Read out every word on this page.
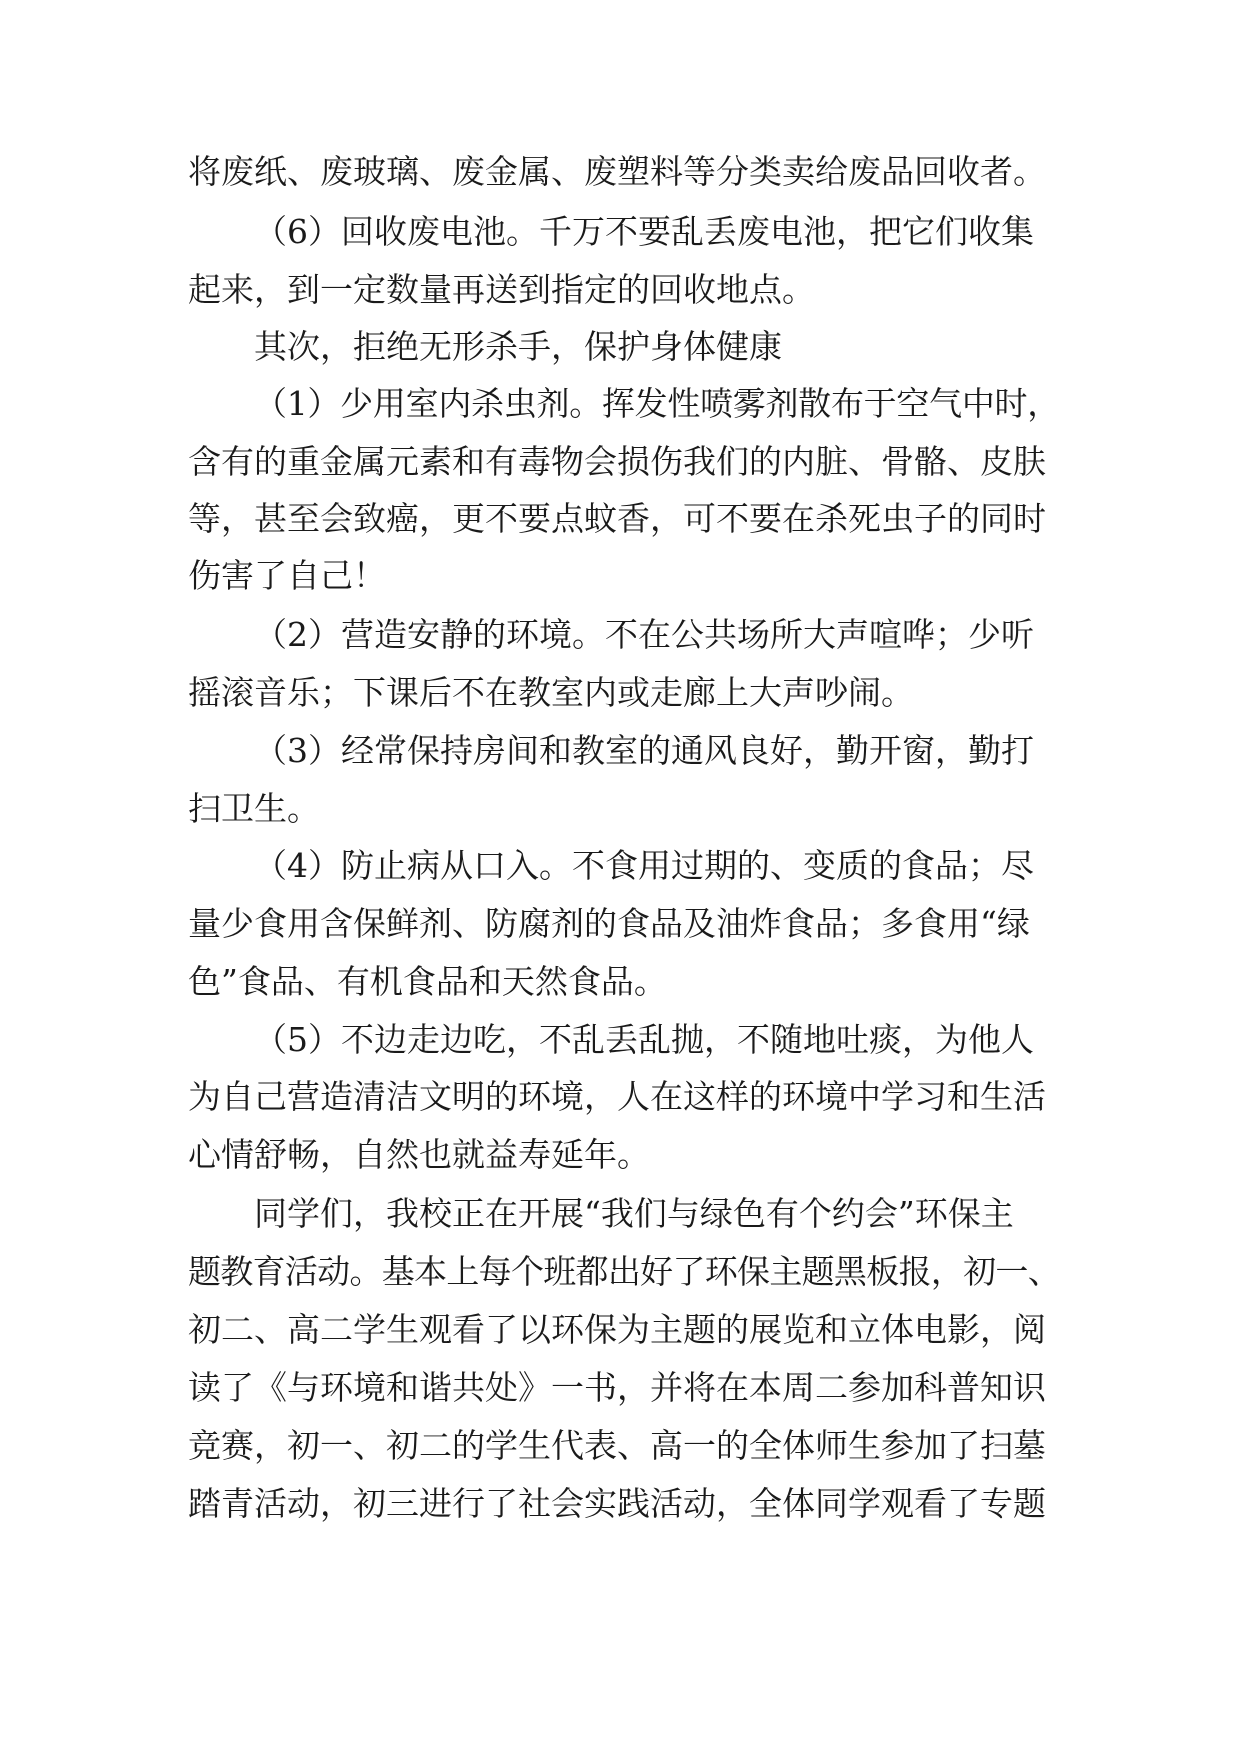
将废纸、废玻璃、废金属、废塑料等分类卖给废品回收者。
（6）回收废电池。千万不要乱丢废电池，把它们收集
起来，到一定数量再送到指定的回收地点。
其次，拒绝无形杀手，保护身体健康
（1）少用室内杀虫剂。挥发性喷雾剂散布于空气中时，
含有的重金属元素和有毒物会损伤我们的内脏、骨骼、皮肤
等，甚至会致癌，更不要点蚊香，可不要在杀死虫子的同时
伤害了自己！
（2）营造安静的环境。不在公共场所大声喧哗；少听
摇滚音乐；下课后不在教室内或走廊上大声吵闹。
（3）经常保持房间和教室的通风良好，勤开窗，勤打
扫卫生。
（4）防止病从口入。不食用过期的、变质的食品；尽
量少食用含保鲜剂、防腐剂的食品及油炸食品；多食用“绿
色”食品、有机食品和天然食品。
（5）不边走边吃，不乱丢乱抛，不随地吐痰，为他人
为自己营造清洁文明的环境，人在这样的环境中学习和生活
心情舒畅，自然也就益寿延年。
同学们，我校正在开展“我们与绿色有个约会”环保主
题教育活动。基本上每个班都出好了环保主题黑板报，初一、
初二、高二学生观看了以环保为主题的展览和立体电影，阅
读了《与环境和谐共处》一书，并将在本周二参加科普知识
竞赛，初一、初二的学生代表、高一的全体师生参加了扫墓
踏青活动，初三进行了社会实践活动，全体同学观看了专题
